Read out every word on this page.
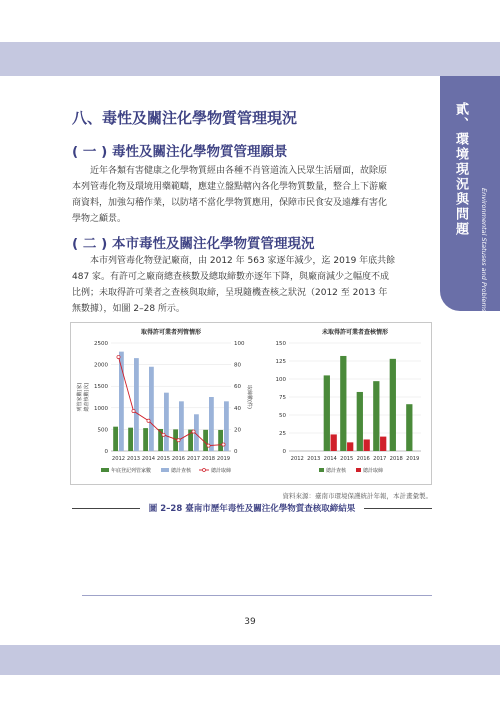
貳、環境現況與問題
Environmental Statuses and Problems
八、毒性及關注化學物質管理現況
( 一 ) 毒性及關注化學物質管理願景
　　近年各類有害健康之化學物質經由各種不肖管道流入民眾生活層面，故除原
本列管毒化物及環境用藥範疇，應建立盤點轄內各化學物質數量，整合上下游廠
商資料，加強勾稽作業，以防堵不當化學物質應用，保障市民食安及遠離有害化
學物之顧景。
( 二 ) 本市毒性及關注化學物質管理現況
　　本市列管毒化物登記廠商，由 2012 年 563 家逐年減少，迄 2019 年底共餘
487 家。有許可之廠商總查核數及總取締數亦逐年下降，與廠商減少之幅度不成
比例；未取得許可業者之查核與取締，呈現隨機查核之狀況（2012 至 2013 年
無數據），如圖 2–28 所示。
取得許可業者列管情形
0
500
1000
1500
2000
2500
0
20
40
60
80
100
列管家數(家) 總查核數(次)	取締數(件)
2012 2013 2014 2015 2016 2017 2018 2019
年底登記列管家數	總計查核	總計取締
未取得許可業者查核情形
0
25
50
75
100
125
150
2012 2013 2014 2015 2016 2017 2018 2019
總計查核	總計取締
資料來源：臺南市環境保護統計年報，本計畫彙製。
圖 2–28 臺南市歷年毒性及關注化學物質查核取締結果
39
